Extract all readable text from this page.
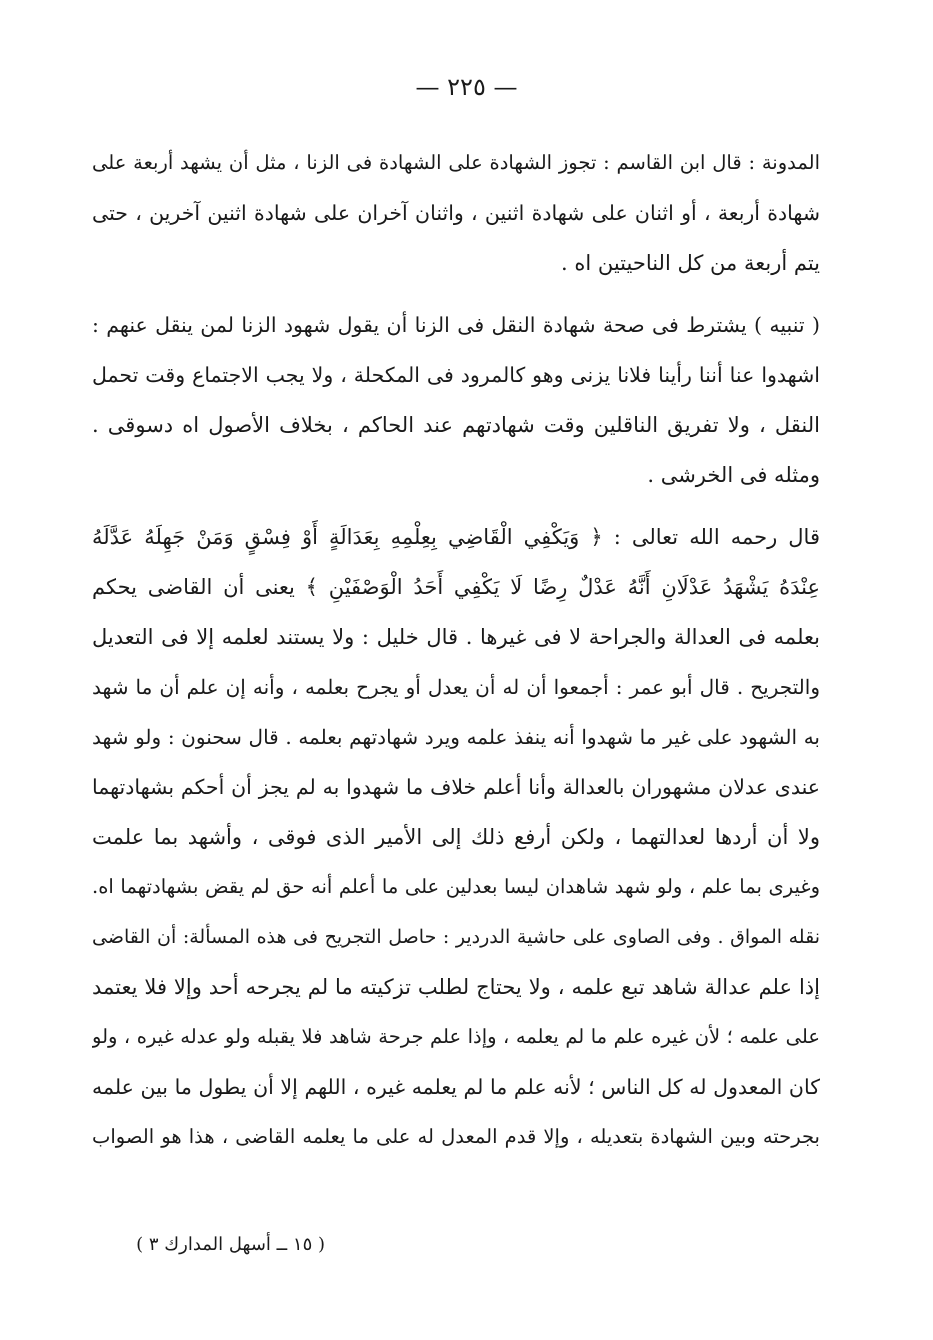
— ٢٢٥ —
المدونة : قال ابن القاسم : تجوز الشهادة على الشهادة فى الزنا ، مثل أن يشهد أربعة على
شهادة أربعة ، أو اثنان على شهادة اثنين ، واثنان آخران على شهادة اثنين آخرين ، حتى
يتم أربعة من كل الناحيتين اه .
( تنبيه ) يشترط فى صحة شهادة النقل فى الزنا أن يقول شهود الزنا لمن ينقل عنهم :
اشهدوا عنا أننا رأينا فلانا يزنى وهو كالمرود فى المكحلة ، ولا يجب الاجتماع وقت تحمل
النقل ، ولا تفريق الناقلين وقت شهادتهم عند الحاكم ، بخلاف الأصول اه دسوقى .
ومثله فى الخرشى .
قال رحمه الله تعالى : ﴿ وَيَكْفِي الْقَاضِي بِعِلْمِهِ بِعَدَالَةٍ أَوْ فِسْقٍ وَمَنْ جَهِلَهُ عَدَّلَهُ
عِنْدَهُ يَشْهَدُ عَدْلَانِ أَنَّهُ عَدْلٌ رِضًا لَا يَكْفِي أَحَدُ الْوَصْفَيْنِ ﴾ يعنى أن القاضى يحكم
بعلمه فى العدالة والجراحة لا فى غيرها . قال خليل : ولا يستند لعلمه إلا فى التعديل
والتجريح . قال أبو عمر : أجمعوا أن له أن يعدل أو يجرح بعلمه ، وأنه إن علم أن ما شهد
به الشهود على غير ما شهدوا أنه ينفذ علمه ويرد شهادتهم بعلمه . قال سحنون : ولو شهد
عندى عدلان مشهوران بالعدالة وأنا أعلم خلاف ما شهدوا به لم يجز أن أحكم بشهادتهما
ولا أن أردها لعدالتهما ، ولكن أرفع ذلك إلى الأمير الذى فوقى ، وأشهد بما علمت
وغيرى بما علم ، ولو شهد شاهدان ليسا بعدلين على ما أعلم أنه حق لم يقض بشهادتهما اه.
نقله المواق . وفى الصاوى على حاشية الدردير : حاصل التجريح فى هذه المسألة: أن القاضى
إذا علم عدالة شاهد تبع علمه ، ولا يحتاج لطلب تزكيته ما لم يجرحه أحد وإلا فلا يعتمد
على علمه ؛ لأن غيره علم ما لم يعلمه ، وإذا علم جرحة شاهد فلا يقبله ولو عدله غيره ، ولو
كان المعدول له كل الناس ؛ لأنه علم ما لم يعلمه غيره ، اللهم إلا أن يطول ما بين علمه
بجرحته وبين الشهادة بتعديله ، وإلا قدم المعدل له على ما يعلمه القاضى ، هذا هو الصواب
( ١٥ ــ أسهل المدارك ٣ )
